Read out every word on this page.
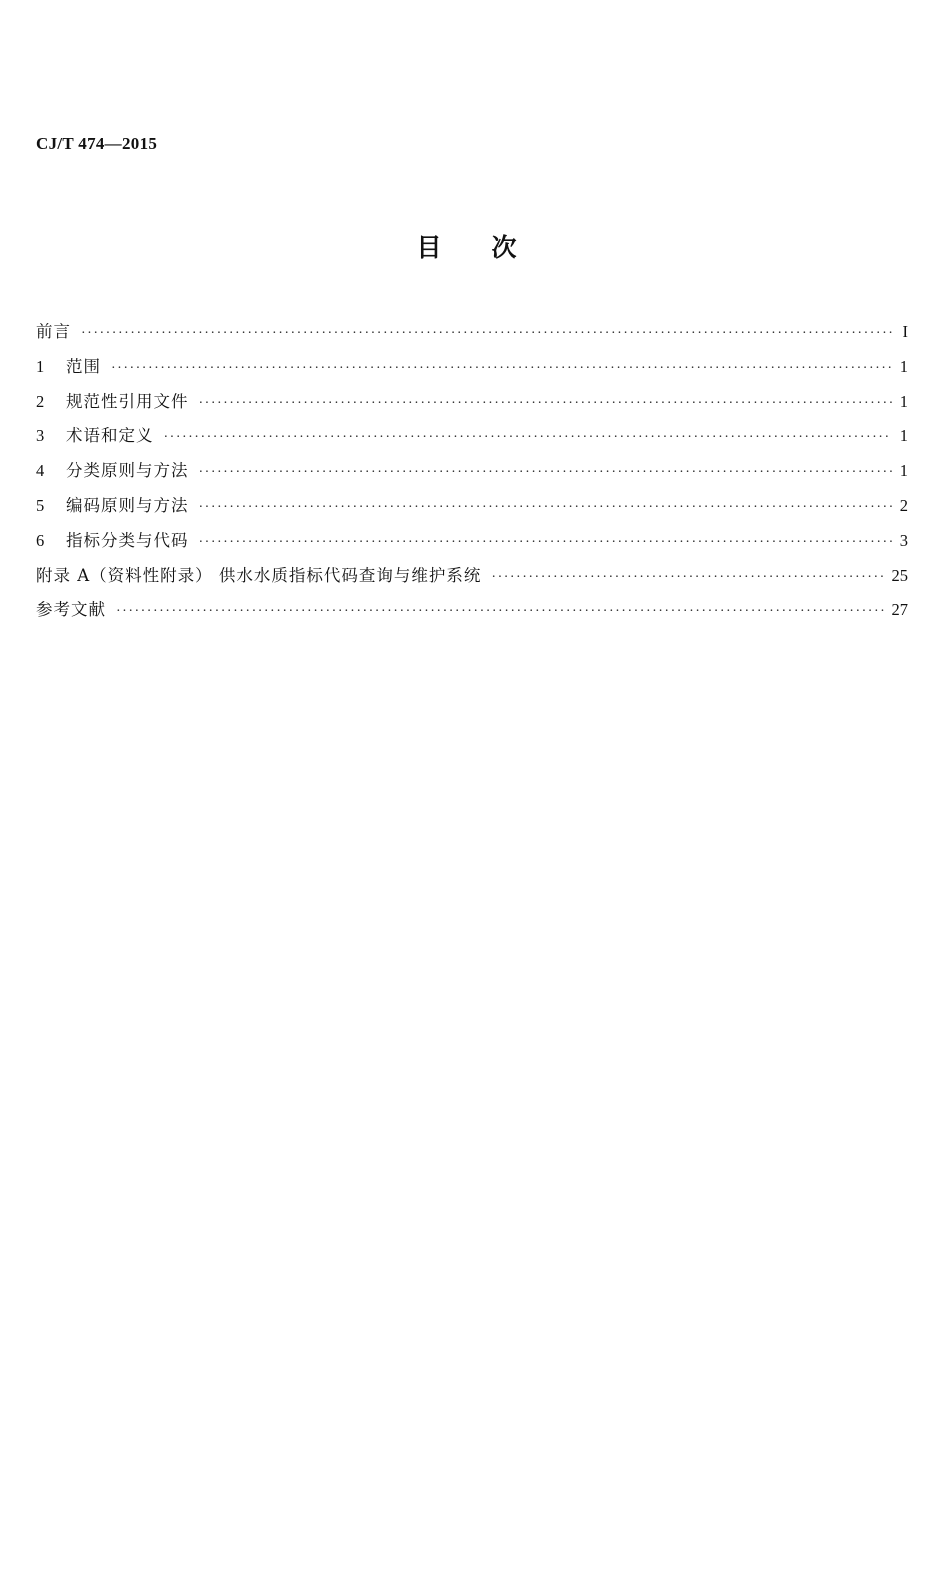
CJ/T 474—2015
目 次
前言 ·····	I
1	范围 ·····	1
2	规范性引用文件 ·····	1
3	术语和定义 ·····	1
4	分类原则与方法 ·····	1
5	编码原则与方法 ·····	2
6	指标分类与代码 ·····	3
附录 A（资料性附录） 供水水质指标代码查询与维护系统 ·····	25
参考文献 ·····	27
